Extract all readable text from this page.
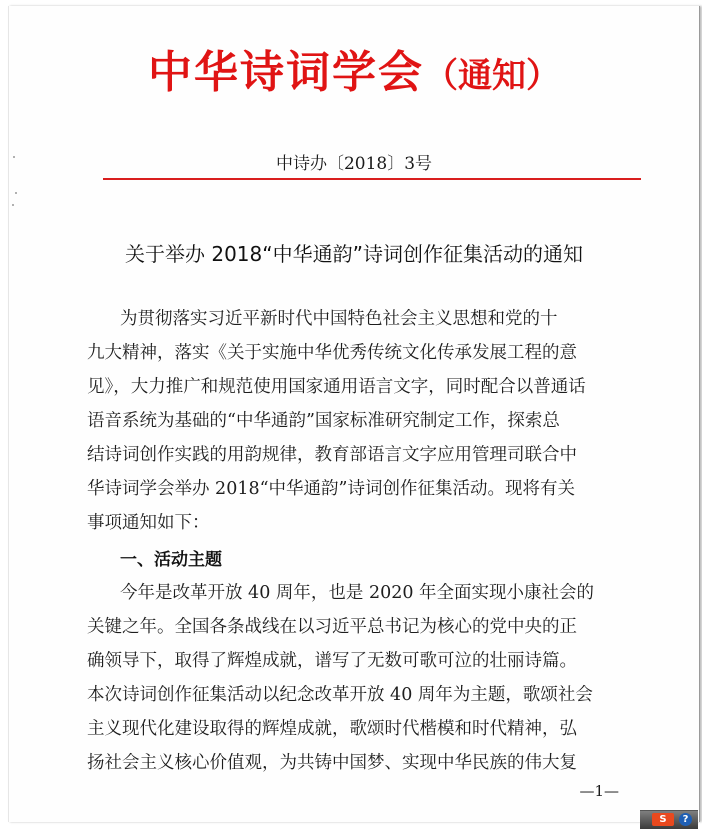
中华诗词学会（通知）
中诗办〔2018〕3号
关于举办 2018“中华通韵”诗词创作征集活动的通知
为贯彻落实习近平新时代中国特色社会主义思想和党的十
九大精神，落实《关于实施中华优秀传统文化传承发展工程的意
见》，大力推广和规范使用国家通用语言文字，同时配合以普通话
语音系统为基础的“中华通韵”国家标准研究制定工作，探索总
结诗词创作实践的用韵规律，教育部语言文字应用管理司联合中
华诗词学会举办 2018“中华通韵”诗词创作征集活动。现将有关
事项通知如下：
一、活动主题
今年是改革开放 40 周年，也是 2020 年全面实现小康社会的
关键之年。全国各条战线在以习近平总书记为核心的党中央的正
确领导下，取得了辉煌成就，谱写了无数可歌可泣的壮丽诗篇。
本次诗词创作征集活动以纪念改革开放 40 周年为主题，歌颂社会
主义现代化建设取得的辉煌成就，歌颂时代楷模和时代精神，弘
扬社会主义核心价值观，为共铸中国梦、实现中华民族的伟大复
—1—
S	?
